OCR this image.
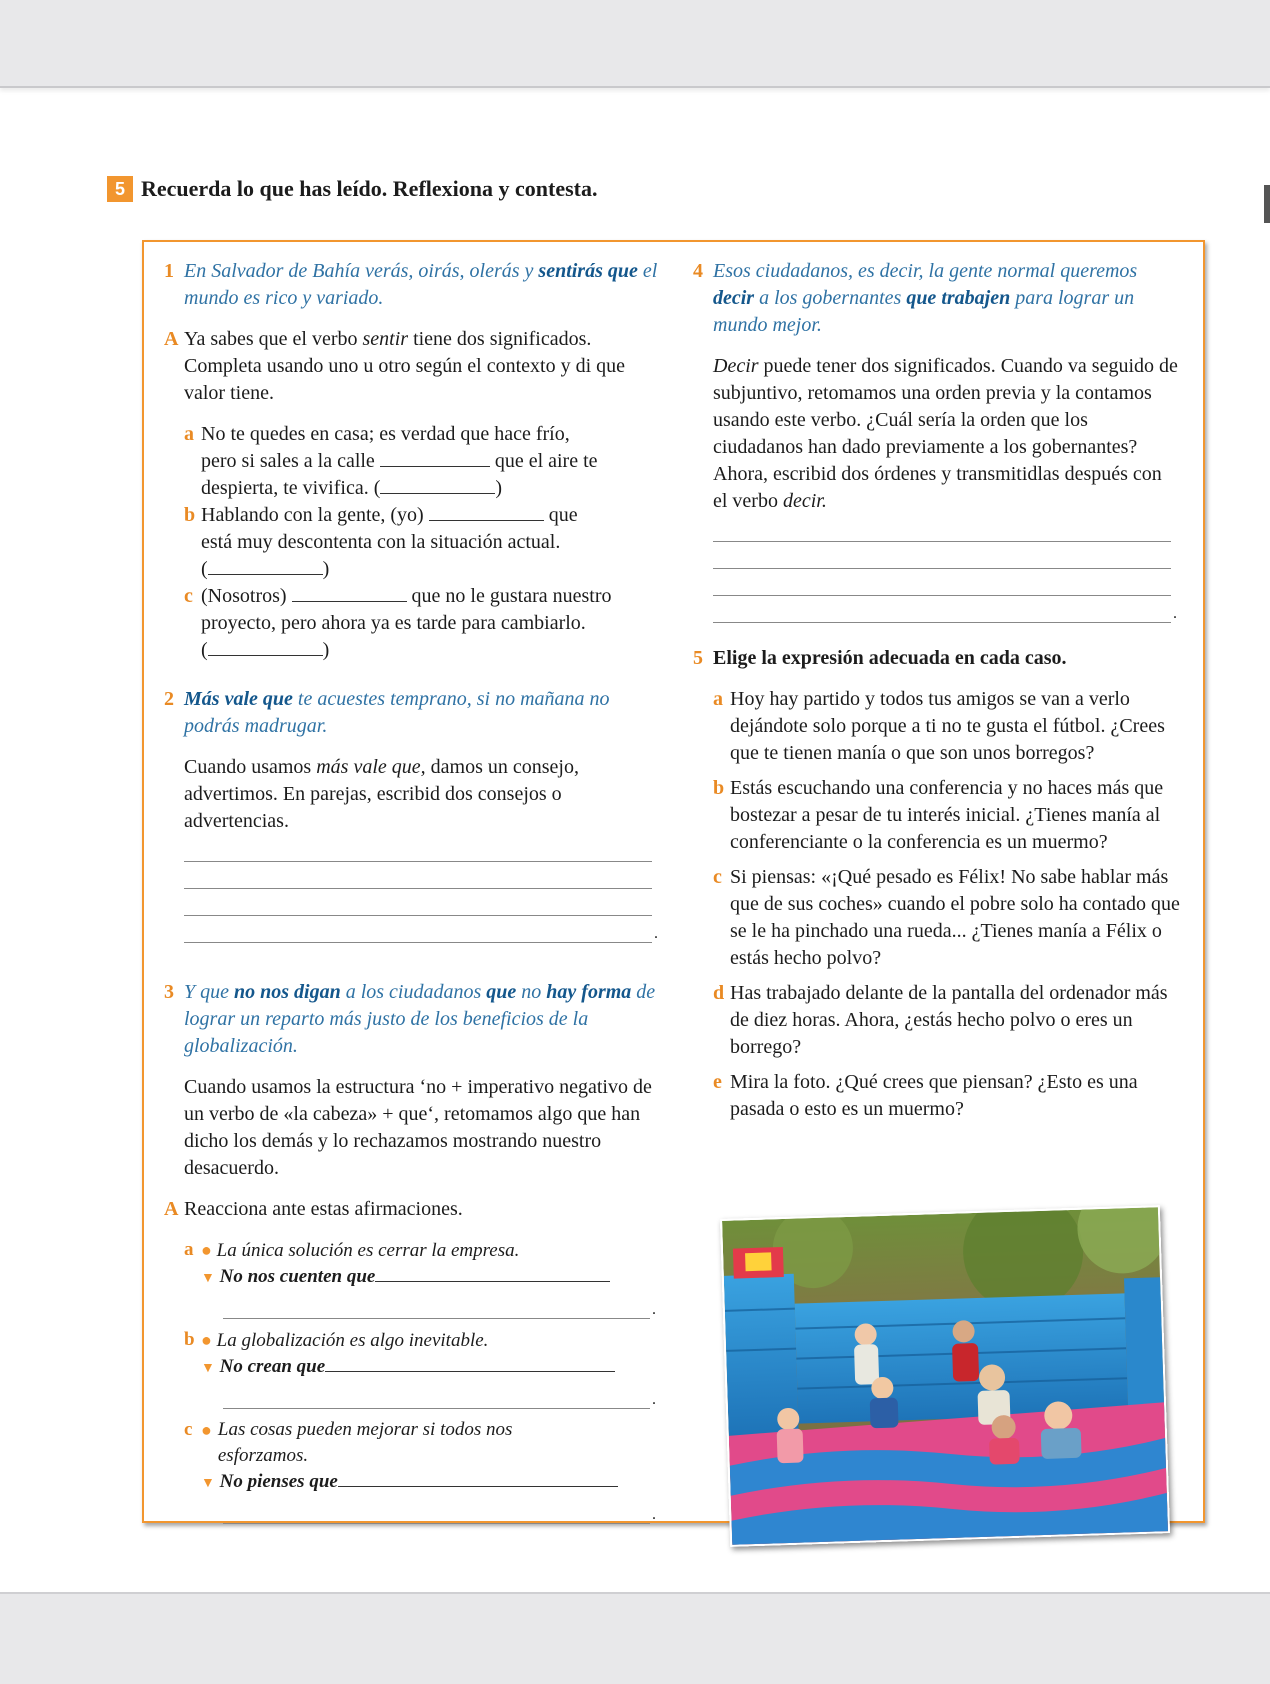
5 Recuerda lo que has leído. Reflexiona y contesta.
1 En Salvador de Bahía verás, oirás, olerás y sentirás que el mundo es rico y variado.
A Ya sabes que el verbo sentir tiene dos significados. Completa usando uno u otro según el contexto y di que valor tiene.
a No te quedes en casa; es verdad que hace frío,
pero si sales a la calle	que el aire te
despierta, te vivifica. (	)
b Hablando con la gente, (yo)	que
está muy descontenta con la situación actual.
(	)
c (Nosotros)	que no le gustara nuestro
proyecto, pero ahora ya es tarde para cambiarlo.
(	)
2 Más vale que te acuestes temprano, si no mañana no podrás madrugar.
Cuando usamos más vale que, damos un consejo, advertimos. En parejas, escribid dos consejos o advertencias.
.
3 Y que no nos digan a los ciudadanos que no hay forma de lograr un reparto más justo de los beneficios de la globalización.
Cuando usamos la estructura ‘no + imperativo negativo de un verbo de «la cabeza» + que‘, retomamos algo que han dicho los demás y lo rechazamos mostrando nuestro desacuerdo.
A Reacciona ante estas afirmaciones.
a ● La única solución es cerrar la empresa.
▼ No nos cuenten que
.
b ● La globalización es algo inevitable.
▼ No crean que
.
c ● Las cosas pueden mejorar si todos nos esforzamos.
▼ No pienses que
.
4 Esos ciudadanos, es decir, la gente normal queremos decir a los gobernantes que trabajen para lograr un mundo mejor.
Decir puede tener dos significados. Cuando va seguido de subjuntivo, retomamos una orden previa y la contamos usando este verbo. ¿Cuál sería la orden que los ciudadanos han dado previamente a los gobernantes?
Ahora, escribid dos órdenes y transmitidlas después con el verbo decir.
.
5 Elige la expresión adecuada en cada caso.
a Hoy hay partido y todos tus amigos se van a verlo dejándote solo porque a ti no te gusta el fútbol. ¿Crees que te tienen manía o que son unos borregos?
b Estás escuchando una conferencia y no haces más que bostezar a pesar de tu interés inicial. ¿Tienes manía al conferenciante o la conferencia es un muermo?
c Si piensas: «¡Qué pesado es Félix! No sabe hablar más que de sus coches» cuando el pobre solo ha contado que se le ha pinchado una rueda... ¿Tienes manía a Félix o estás hecho polvo?
d Has trabajado delante de la pantalla del ordenador más de diez horas. Ahora, ¿estás hecho polvo o eres un borrego?
e Mira la foto. ¿Qué crees que piensan? ¿Esto es una pasada o esto es un muermo?
